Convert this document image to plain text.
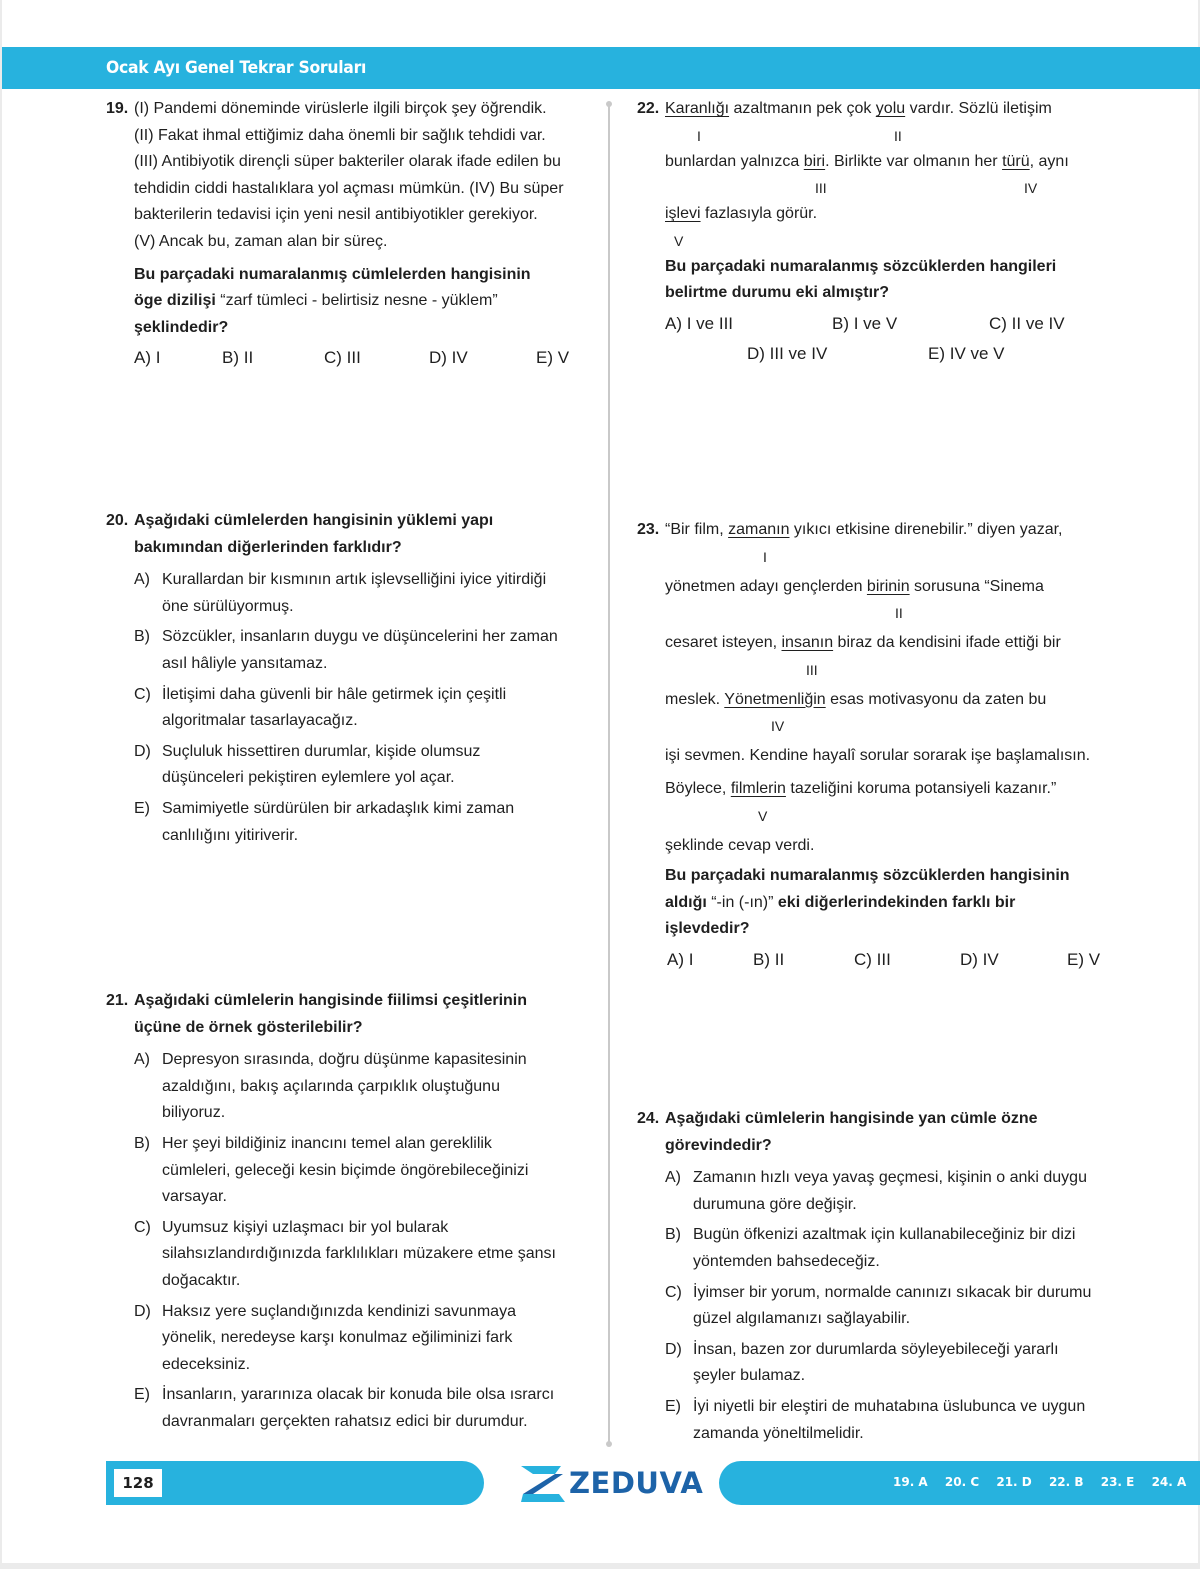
Ocak Ayı Genel Tekrar Soruları
19. (I) Pandemi döneminde virüslerle ilgili birçok şey öğrendik.
(II) Fakat ihmal ettiğimiz daha önemli bir sağlık tehdidi var.
(III) Antibiyotik dirençli süper bakteriler olarak ifade edilen bu
tehdidin ciddi hastalıklara yol açması mümkün. (IV) Bu süper
bakterilerin tedavisi için yeni nesil antibiyotikler gerekiyor.
(V) Ancak bu, zaman alan bir süreç.
Bu parçadaki numaralanmış cümlelerden hangisinin
öge dizilişi “zarf tümleci - belirtisiz nesne - yüklem”
şeklindedir?
A) I	B) II	C) III	D) IV	E) V
20. Aşağıdaki cümlelerden hangisinin yüklemi yapı
bakımından diğerlerinden farklıdır?
A) Kurallardan bir kısmının artık işlevselliğini iyice yitirdiği
öne sürülüyormuş.
B) Sözcükler, insanların duygu ve düşüncelerini her zaman
asıl hâliyle yansıtamaz.
C) İletişimi daha güvenli bir hâle getirmek için çeşitli
algoritmalar tasarlayacağız.
D) Suçluluk hissettiren durumlar, kişide olumsuz
düşünceleri pekiştiren eylemlere yol açar.
E) Samimiyetle sürdürülen bir arkadaşlık kimi zaman
canlılığını yitiriverir.
21. Aşağıdaki cümlelerin hangisinde fiilimsi çeşitlerinin
üçüne de örnek gösterilebilir?
A) Depresyon sırasında, doğru düşünme kapasitesinin
azaldığını, bakış açılarında çarpıklık oluştuğunu
biliyoruz.
B) Her şeyi bildiğiniz inancını temel alan gereklilik
cümleleri, geleceği kesin biçimde öngörebileceğinizi
varsayar.
C) Uyumsuz kişiyi uzlaşmacı bir yol bularak
silahsızlandırdığınızda farklılıkları müzakere etme şansı
doğacaktır.
D) Haksız yere suçlandığınızda kendinizi savunmaya
yönelik, neredeyse karşı konulmaz eğiliminizi fark
edeceksiniz.
E) İnsanların, yararınıza olacak bir konuda bile olsa ısrarcı
davranmaları gerçekten rahatsız edici bir durumdur.
22. Karanlığı azaltmanın pek çok yolu vardır. Sözlü iletişim
I	II
bunlardan yalnızca biri. Birlikte var olmanın her türü, aynı
III	IV
işlevi fazlasıyla görür.
V
Bu parçadaki numaralanmış sözcüklerden hangileri
belirtme durumu eki almıştır?
A) I ve III	B) I ve V	C) II ve IV
D) III ve IV	E) IV ve V
23. “Bir film, zamanın yıkıcı etkisine direnebilir.” diyen yazar,
I
yönetmen adayı gençlerden birinin sorusuna “Sinema
II
cesaret isteyen, insanın biraz da kendisini ifade ettiği bir
III
meslek. Yönetmenliğin esas motivasyonu da zaten bu
IV
işi sevmen. Kendine hayalî sorular sorarak işe başlamalısın.
Böylece, filmlerin tazeliğini koruma potansiyeli kazanır.”
V
şeklinde cevap verdi.
Bu parçadaki numaralanmış sözcüklerden hangisinin
aldığı “-in (-ın)” eki diğerlerindekinden farklı bir
işlevdedir?
A) I	B) II	C) III	D) IV	E) V
24. Aşağıdaki cümlelerin hangisinde yan cümle özne
görevindedir?
A) Zamanın hızlı veya yavaş geçmesi, kişinin o anki duygu
durumuna göre değişir.
B) Bugün öfkenizi azaltmak için kullanabileceğiniz bir dizi
yöntemden bahsedeceğiz.
C) İyimser bir yorum, normalde canınızı sıkacak bir durumu
güzel algılamanızı sağlayabilir.
D) İnsan, bazen zor durumlarda söyleyebileceği yararlı
şeyler bulamaz.
E) İyi niyetli bir eleştiri de muhatabına üslubunca ve uygun
zamanda yöneltilmelidir.
128	ZEDUVA	19. A 20. C 21. D 22. B 23. E 24. A
